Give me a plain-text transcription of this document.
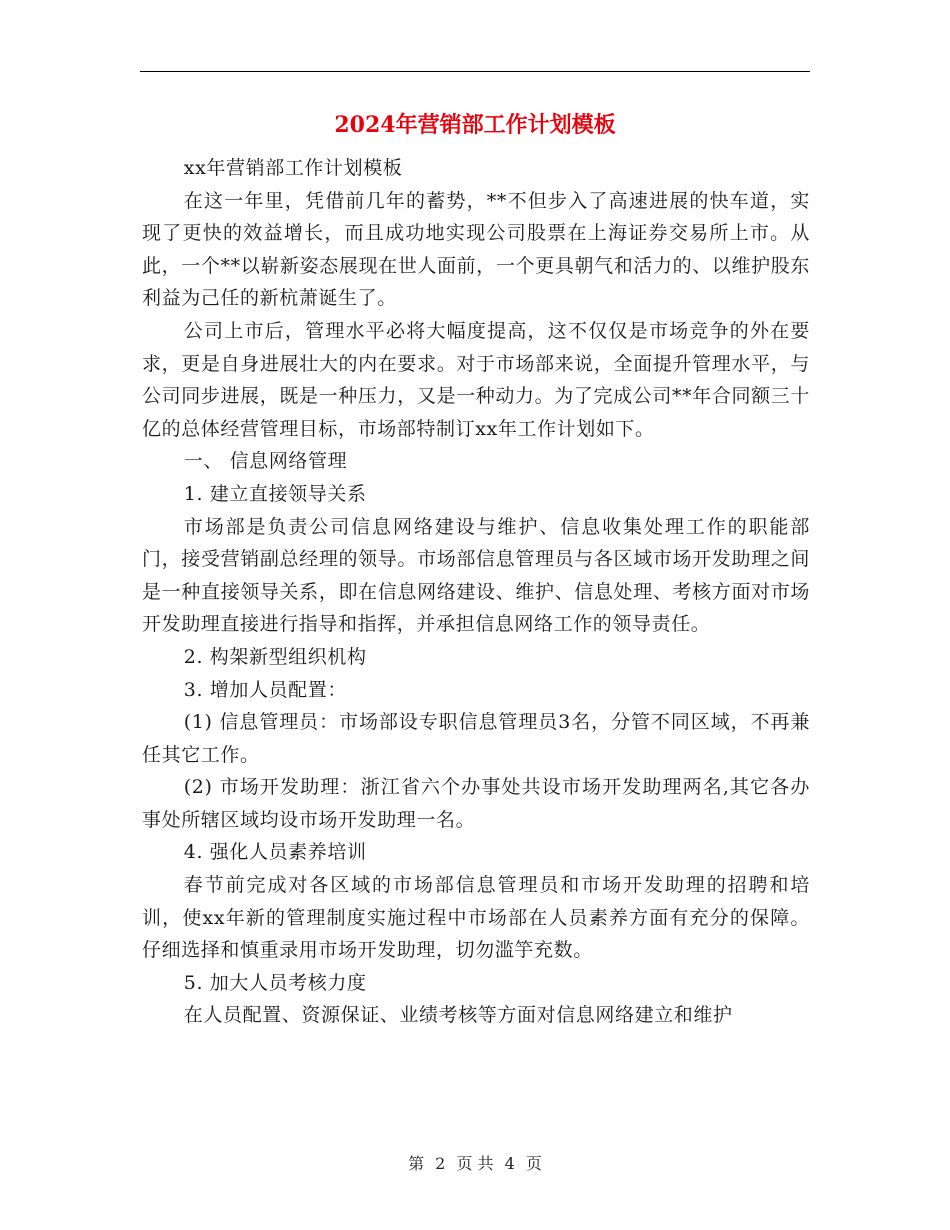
2024年营销部工作计划模板

xx年营销部工作计划模板

在这一年里，凭借前几年的蓄势，**不但步入了高速进展的快车道，实现了更快的效益增长，而且成功地实现公司股票在上海证券交易所上市。从此，一个**以崭新姿态展现在世人面前，一个更具朝气和活力的、以维护股东利益为己任的新杭萧诞生了。

公司上市后，管理水平必将大幅度提高，这不仅仅是市场竞争的外在要求，更是自身进展壮大的内在要求。对于市场部来说，全面提升管理水平，与公司同步进展，既是一种压力，又是一种动力。为了完成公司**年合同额三十亿的总体经营管理目标，市场部特制订xx年工作计划如下。

一、 信息网络管理

1. 建立直接领导关系

市场部是负责公司信息网络建设与维护、信息收集处理工作的职能部门，接受营销副总经理的领导。市场部信息管理员与各区域市场开发助理之间是一种直接领导关系，即在信息网络建设、维护、信息处理、考核方面对市场开发助理直接进行指导和指挥，并承担信息网络工作的领导责任。

2. 构架新型组织机构

3. 增加人员配置：

(1) 信息管理员：市场部设专职信息管理员3名，分管不同区域，不再兼任其它工作。

(2) 市场开发助理：浙江省六个办事处共设市场开发助理两名,其它各办事处所辖区域均设市场开发助理一名。

4. 强化人员素养培训

春节前完成对各区域的市场部信息管理员和市场开发助理的招聘和培训，使xx年新的管理制度实施过程中市场部在人员素养方面有充分的保障。仔细选择和慎重录用市场开发助理，切勿滥竽充数。

5. 加大人员考核力度

在人员配置、资源保证、业绩考核等方面对信息网络建立和维护

第 2 页 共 4 页
